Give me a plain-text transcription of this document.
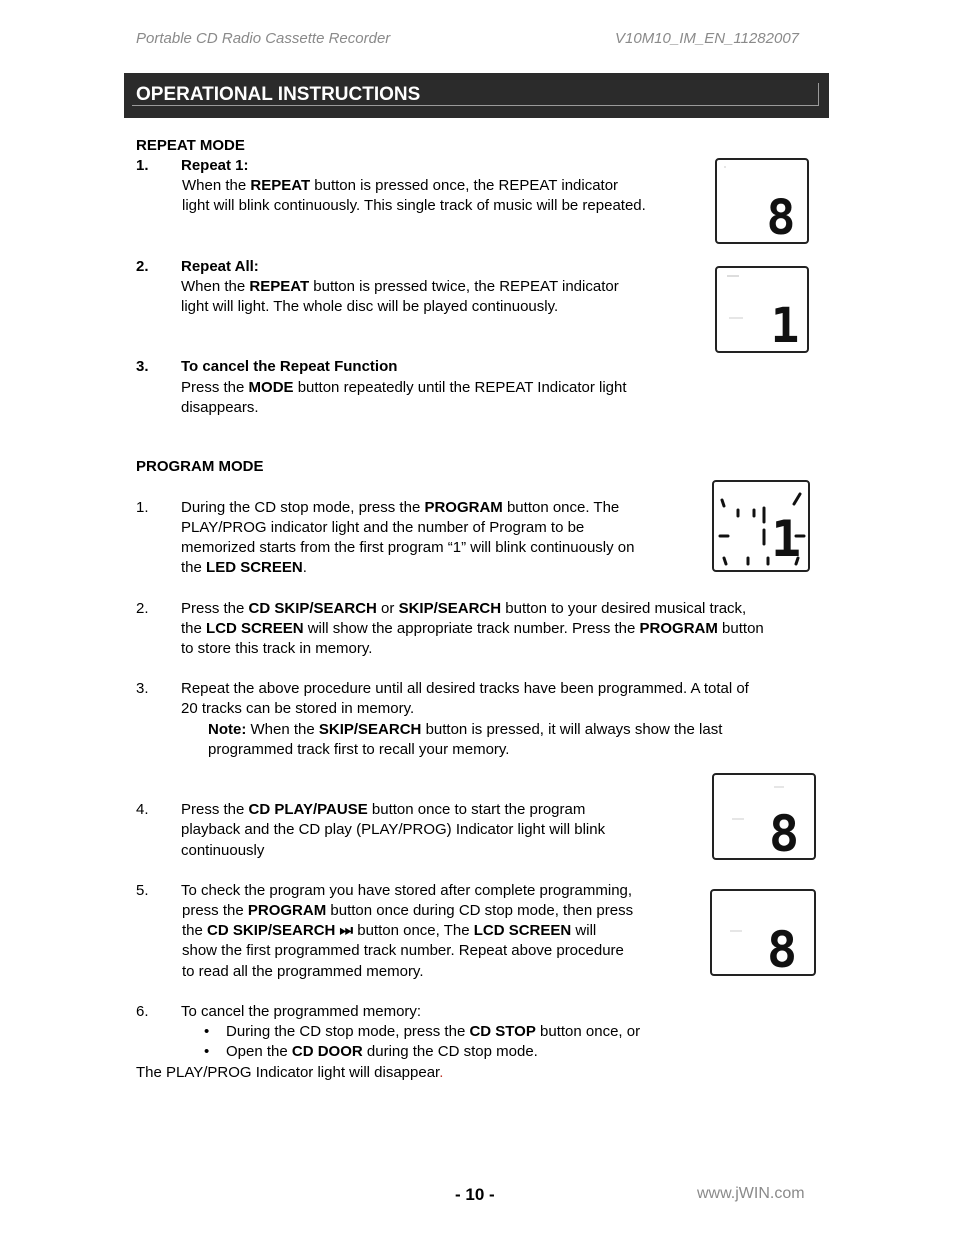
Portable CD Radio Cassette Recorder	V10M10_IM_EN_11282007
OPERATIONAL INSTRUCTIONS
REPEAT MODE
1. Repeat 1:
When the REPEAT button is pressed once, the REPEAT indicator
light will blink continuously. This single track of music will be repeated.
2. Repeat All:
When the REPEAT button is pressed twice, the REPEAT indicator
light will light. The whole disc will be played continuously.
3. To cancel the Repeat Function
Press the MODE button repeatedly until the REPEAT Indicator light
disappears.
8
1
PROGRAM MODE
1. During the CD stop mode, press the PROGRAM button once. The
PLAY/PROG indicator light and the number of Program to be
memorized starts from the first program “1” will blink continuously on
the LED SCREEN.	1
2. Press the CD SKIP/SEARCH or SKIP/SEARCH button to your desired musical track,
the LCD SCREEN will show the appropriate track number. Press the PROGRAM button
to store this track in memory.
3. Repeat the above procedure until all desired tracks have been programmed. A total of
20 tracks can be stored in memory.
Note: When the SKIP/SEARCH button is pressed, it will always show the last
programmed track first to recall your memory.
4. Press the CD PLAY/PAUSE button once to start the program
playback and the CD play (PLAY/PROG) Indicator light will blink
continuously	8
5. To check the program you have stored after complete programming,
press the PROGRAM button once during CD stop mode, then press
the CD SKIP/SEARCH ⏭ button once, The LCD SCREEN will
show the first programmed track number. Repeat above procedure
to read all the programmed memory.	8
6. To cancel the programmed memory:
• During the CD stop mode, press the CD STOP button once, or
• Open the CD DOOR during the CD stop mode.
The PLAY/PROG Indicator light will disappear.
- 10 -	www.jWIN.com
